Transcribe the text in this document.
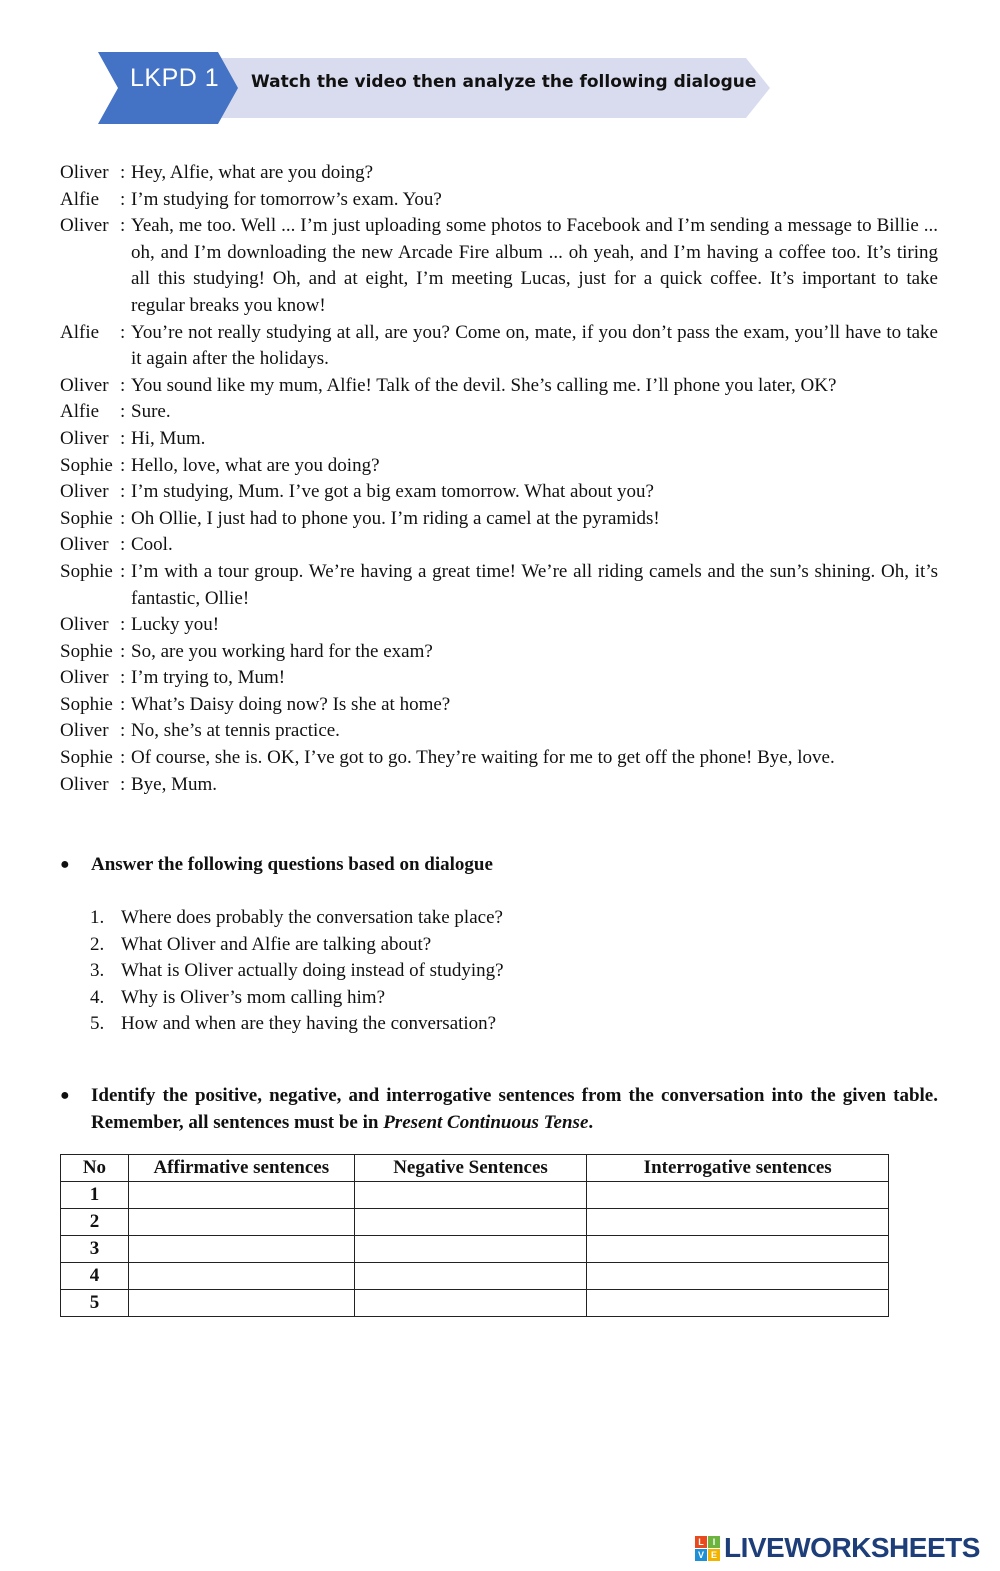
LKPD 1 Watch the video then analyze the following dialogue
Oliver : Hey, Alfie, what are you doing?
Alfie	: I’m studying for tomorrow’s exam. You?
Oliver : Yeah, me too. Well ... I’m just uploading some photos to Facebook and I’m sending a message to Billie ... oh, and I’m downloading the new Arcade Fire album ... oh yeah, and I’m having a coffee too. It’s tiring all this studying! Oh, and at eight, I’m meeting Lucas, just for a quick coffee. It’s important to take regular breaks you know!
Alfie	: You’re not really studying at all, are you? Come on, mate, if you don’t pass the exam, you’ll have to take it again after the holidays.
Oliver : You sound like my mum, Alfie! Talk of the devil. She’s calling me. I’ll phone you later, OK?
Alfie	: Sure.
Oliver : Hi, Mum.
Sophie : Hello, love, what are you doing?
Oliver : I’m studying, Mum. I’ve got a big exam tomorrow. What about you?
Sophie : Oh Ollie, I just had to phone you. I’m riding a camel at the pyramids!
Oliver : Cool.
Sophie : I’m with a tour group. We’re having a great time! We’re all riding camels and the sun’s shining. Oh, it’s fantastic, Ollie!
Oliver : Lucky you!
Sophie : So, are you working hard for the exam?
Oliver : I’m trying to, Mum!
Sophie : What’s Daisy doing now? Is she at home?
Oliver : No, she’s at tennis practice.
Sophie : Of course, she is. OK, I’ve got to go. They’re waiting for me to get off the phone! Bye, love.
Oliver : Bye, Mum.
●	Answer the following questions based on dialogue
1. Where does probably the conversation take place?
2. What Oliver and Alfie are talking about?
3. What is Oliver actually doing instead of studying?
4. Why is Oliver’s mom calling him?
5. How and when are they having the conversation?
●	Identify the positive, negative, and interrogative sentences from the conversation into the given table. Remember, all sentences must be in Present Continuous Tense.
No	Affirmative sentences	Negative Sentences	Interrogative sentences
1			
2			
3			
4			
5			
L I
V E LIVEWORKSHEETS
